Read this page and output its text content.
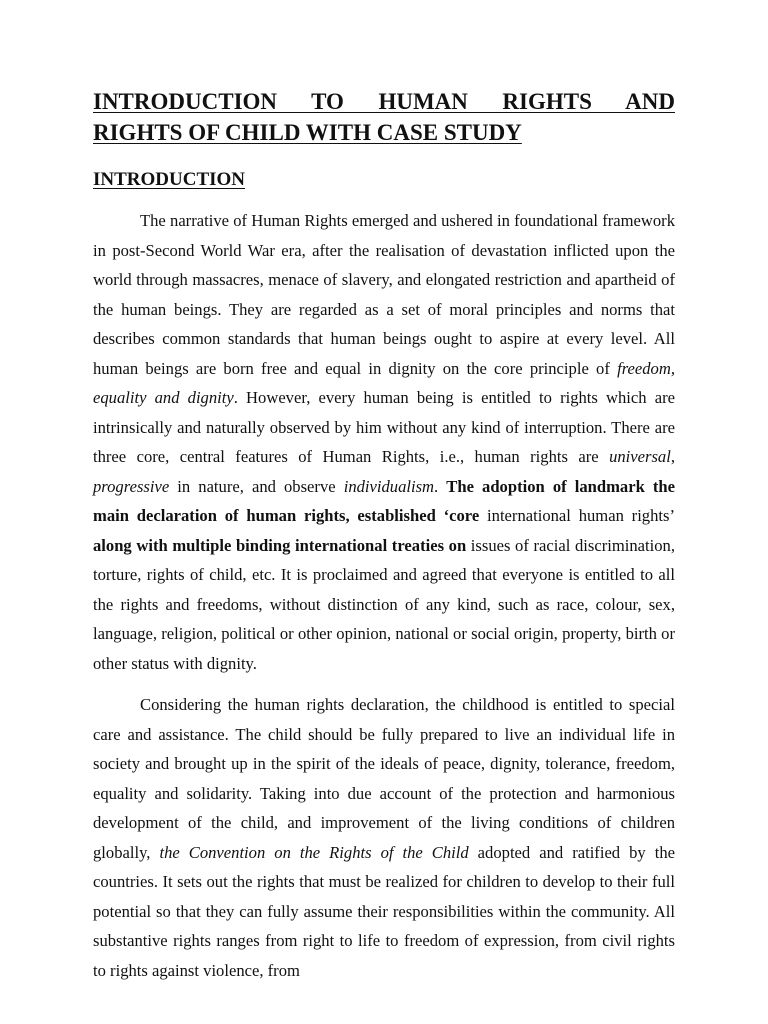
INTRODUCTION TO HUMAN RIGHTS AND
RIGHTS OF CHILD WITH CASE STUDY
INTRODUCTION

The narrative of Human Rights emerged and ushered in foundational framework in post-Second World War era, after the realisation of devastation inflicted upon the world through massacres, menace of slavery, and elongated restriction and apartheid of the human beings. They are regarded as a set of moral principles and norms that describes common standards that human beings ought to aspire at every level. All human beings are born free and equal in dignity on the core principle of freedom, equality and dignity. However, every human being is entitled to rights which are intrinsically and naturally observed by him without any kind of interruption. There are three core, central features of Human Rights, i.e., human rights are universal, progressive in nature, and observe individualism. The adoption of landmark the main declaration of human rights, established ‘core international human rights’ along with multiple binding international treaties on issues of racial discrimination, torture, rights of child, etc. It is proclaimed and agreed that everyone is entitled to all the rights and freedoms, without distinction of any kind, such as race, colour, sex, language, religion, political or other opinion, national or social origin, property, birth or other status with dignity.

Considering the human rights declaration, the childhood is entitled to special care and assistance. The child should be fully prepared to live an individual life in society and brought up in the spirit of the ideals of peace, dignity, tolerance, freedom, equality and solidarity. Taking into due account of the protection and harmonious development of the child, and improvement of the living conditions of children globally, the Convention on the Rights of the Child adopted and ratified by the countries. It sets out the rights that must be realized for children to develop to their full potential so that they can fully assume their responsibilities within the community. All substantive rights ranges from right to life to freedom of expression, from civil rights to rights against violence, from
